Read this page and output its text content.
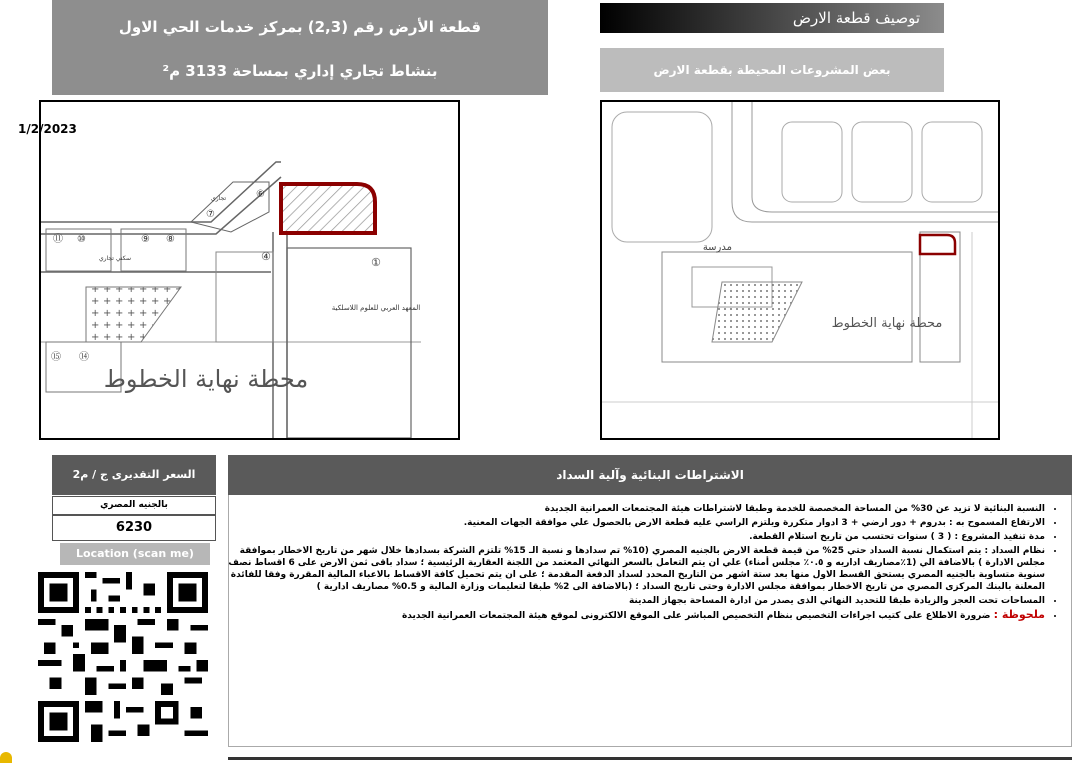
قطعة الأرض رقم (2,3) بمركز خدمات الحي الاول
بنشاط تجاري إداري بمساحة 3133 م²
توصيف قطعة الارض
بعض المشروعات المحيطة بقطعة الارض
①
④
⑥
⑦
⑧
⑨
⑩
⑪
⑭
⑮
سكني تجاري
تجاري
المعهد العربي للعلوم اللاسلكية
محطة نهاية الخطوط
1/2/2023
مدرسة
محطة نهاية الخطوط
السعر التقديرى ج / م2
بالجنيه المصري
6230
Location (scan me)
الاشتراطات البنائية وآلية السداد
• النسبة البنائية لا تزيد عن 30% من المساحة المخصصة للخدمة وطبقا لاشتراطات هيئة المجتمعات العمرانية الجديدة
• الارتفاع المسموح به : بدروم + دور ارضي + 3 ادوار متكررة ويلتزم الراسي عليه قطعة الارض بالحصول علي موافقة الجهات المعنية.
• مدة تنفيذ المشروع : ( 3 ) سنوات تحتسب من تاريخ استلام القطعة.
• نظام السداد : يتم استكمال نسبة السداد حتي 25% من قيمة قطعة الارض بالجنيه المصري (10% تم سدادها و نسبة الـ 15% تلتزم الشركة بسدادها خلال شهر من تاريخ الاخطار بموافقة مجلس الادارة ) بالاضافة الي (1٪مصاريف اداريه و ٠.٥٪ مجلس أمناء) علي ان يتم التعامل بالسعر النهائي المعتمد من اللجنة العقارية الرئيسية ؛ سداد باقى ثمن الارض على 6 اقساط نصف سنوية متساوية بالجنيه المصري يستحق القسط الاول منها بعد ستة اشهر من التاريخ المحدد لسداد الدفعة المقدمة ؛ على ان يتم تحميل كافة الاقساط بالاعباء المالية المقررة وفقا للفائدة المعلنة بالبنك المركزى المصري من تاريخ الاخطار بموافقة مجلس الادارة وحتى تاريخ السداد ؛ (بالاضافة الى 2% طبقا لتعليمات وزارة المالية و 0.5% مصاريف ادارية )
• المساحات تحت العجز والزيادة طبقا للتحديد النهائي الذى يصدر من ادارة المساحة بجهاز المدينة
• ملحوظة : ضرورة الاطلاع على كتيب اجراءات التخصيص بنظام التخصيص المباشر على الموقع الالكترونى لموقع هيئة المجتمعات العمرانية الجديدة
